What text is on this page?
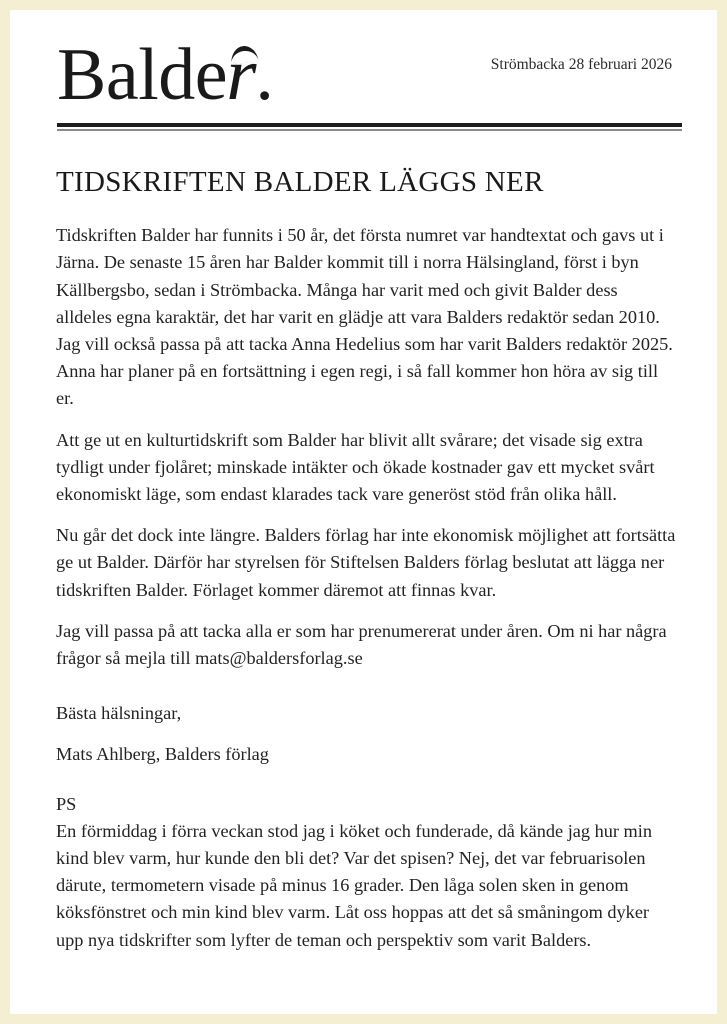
Balder.	Strömbacka 28 februari 2026
TIDSKRIFTEN BALDER LÄGGS NER

Tidskriften Balder har funnits i 50 år, det första numret var handtextat och gavs ut i Järna. De senaste 15 åren har Balder kommit till i norra Hälsingland, först i byn Källbergsbo, sedan i Strömbacka. Många har varit med och givit Balder dess alldeles egna karaktär, det har varit en glädje att vara Balders redaktör sedan 2010. Jag vill också passa på att tacka Anna Hedelius som har varit Balders redaktör 2025. Anna har planer på en fortsättning i egen regi, i så fall kommer hon höra av sig till er.

Att ge ut en kulturtidskrift som Balder har blivit allt svårare; det visade sig extra tydligt under fjolåret; minskade intäkter och ökade kostnader gav ett mycket svårt ekonomiskt läge, som endast klarades tack vare generöst stöd från olika håll.

Nu går det dock inte längre. Balders förlag har inte ekonomisk möjlighet att fortsätta ge ut Balder. Därför har styrelsen för Stiftelsen Balders förlag beslutat att lägga ner tidskriften Balder. Förlaget kommer däremot att finnas kvar.

Jag vill passa på att tacka alla er som har prenumererat under åren. Om ni har några frågor så mejla till mats@baldersforlag.se

Bästa hälsningar,
Mats Ahlberg, Balders förlag
PS
En förmiddag i förra veckan stod jag i köket och funderade, då kände jag hur min kind blev varm, hur kunde den bli det? Var det spisen? Nej, det var februarisolen därute, termometern visade på minus 16 grader. Den låga solen sken in genom köksfönstret och min kind blev varm. Låt oss hoppas att det så småningom dyker upp nya tidskrifter som lyfter de teman och perspektiv som varit Balders.
